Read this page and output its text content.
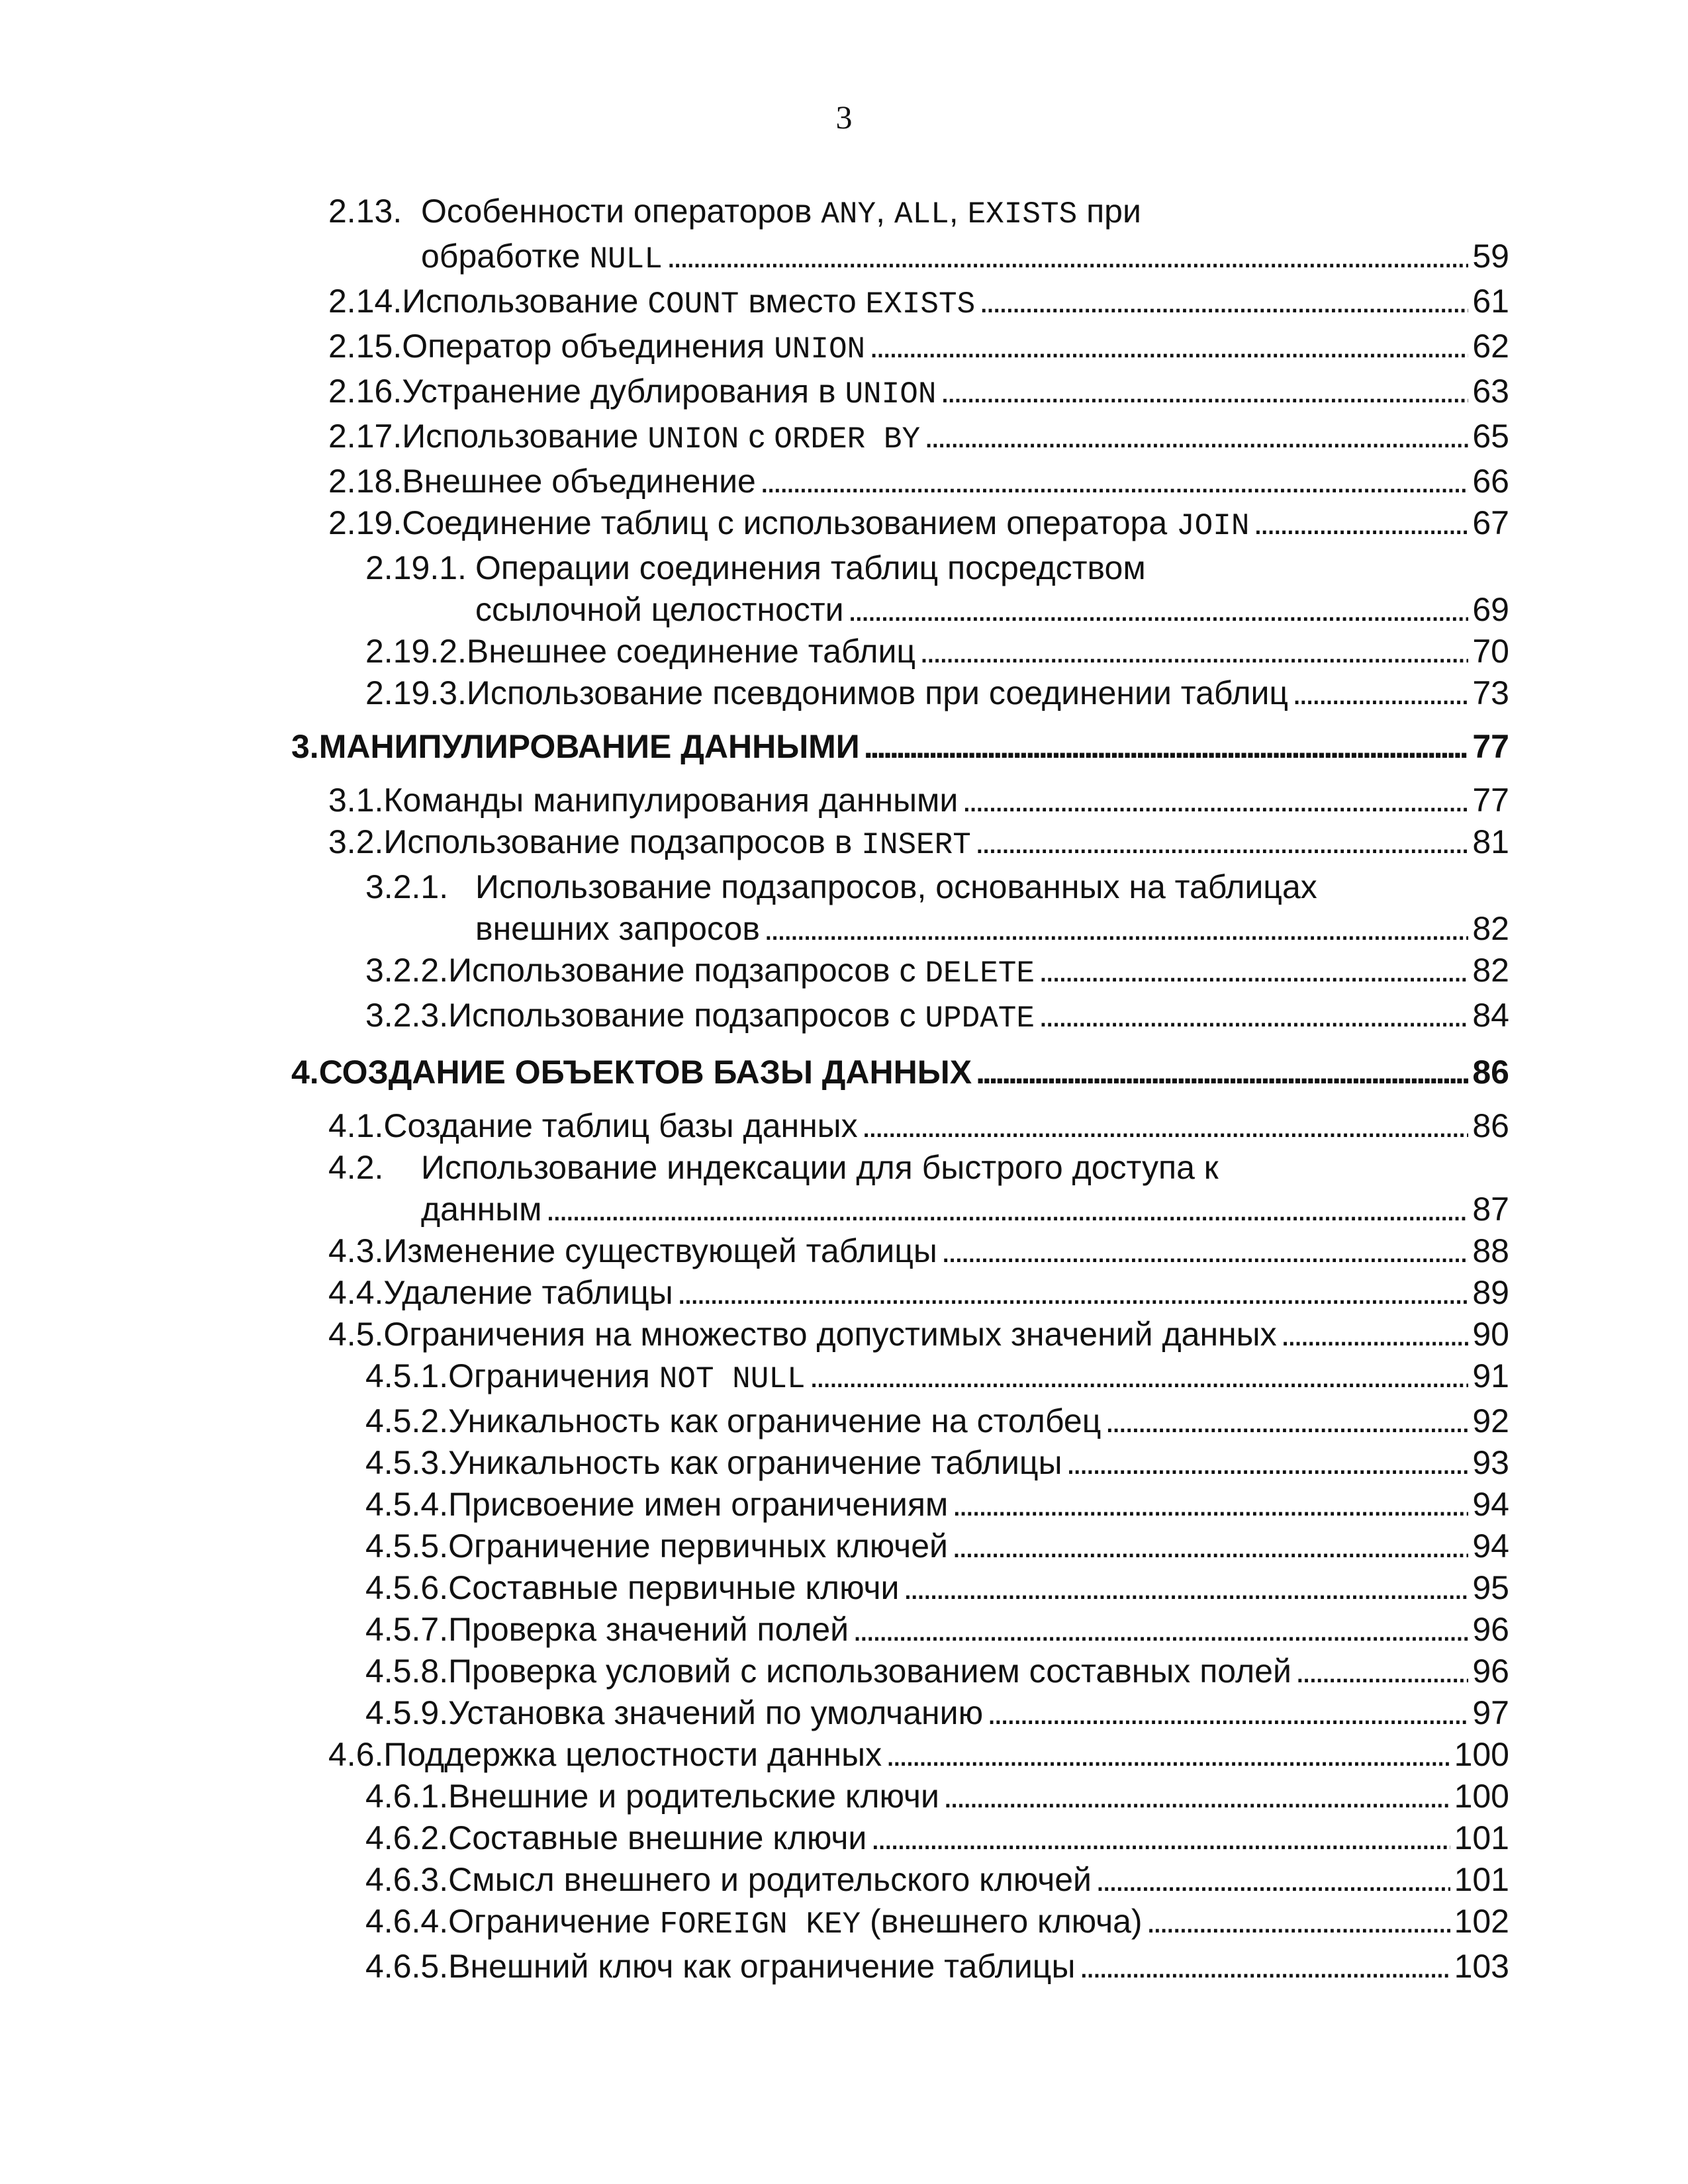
3
2.13. Особенности операторов ANY, ALL, EXISTS при
обработке NULL . . .	59
2.14. Использование COUNT вместо EXISTS . . .	61
2.15. Оператор объединения UNION . . .	62
2.16. Устранение дублирования в UNION . . .	63
2.17. Использование UNION с ORDER BY . . .	65
2.18. Внешнее объединение . . .	66
2.19. Соединение таблиц с использованием оператора JOIN . . .	67
2.19.1. Операции соединения таблиц посредством
ссылочной целостности . . .	69
2.19.2. Внешнее соединение таблиц . . .	70
2.19.3. Использование псевдонимов при соединении таблиц . . .	73
3. МАНИПУЛИРОВАНИЕ ДАННЫМИ . . .	77
3.1. Команды манипулирования данными . . .	77
3.2. Использование подзапросов в INSERT . . .	81
3.2.1. Использование подзапросов, основанных на таблицах
внешних запросов . . .	82
3.2.2. Использование подзапросов с DELETE . . .	82
3.2.3. Использование подзапросов с UPDATE . . .	84
4. СОЗДАНИЕ ОБЪЕКТОВ БАЗЫ ДАННЫХ . . .	86
4.1. Создание таблиц базы данных . . .	86
4.2.	Использование индексации для быстрого доступа к
данным . . .	87
4.3. Изменение существующей таблицы . . .	88
4.4. Удаление таблицы . . .	89
4.5. Ограничения на множество допустимых значений данных . . .	90
4.5.1. Ограничения NOT NULL . . .	91
4.5.2. Уникальность как ограничение на столбец . . .	92
4.5.3. Уникальность как ограничение таблицы . . .	93
4.5.4. Присвоение имен ограничениям . . .	94
4.5.5. Ограничение первичных ключей . . .	94
4.5.6. Составные первичные ключи . . .	95
4.5.7. Проверка значений полей . . .	96
4.5.8. Проверка условий с использованием составных полей . . .	96
4.5.9. Установка значений по умолчанию . . .	97
4.6. Поддержка целостности данных . . .	100
4.6.1. Внешние и родительские ключи . . .	100
4.6.2. Составные внешние ключи . . .	101
4.6.3. Смысл внешнего и родительского ключей . . .	101
4.6.4. Ограничение FOREIGN KEY (внешнего ключа) . . .	102
4.6.5. Внешний ключ как ограничение таблицы . . .	103
